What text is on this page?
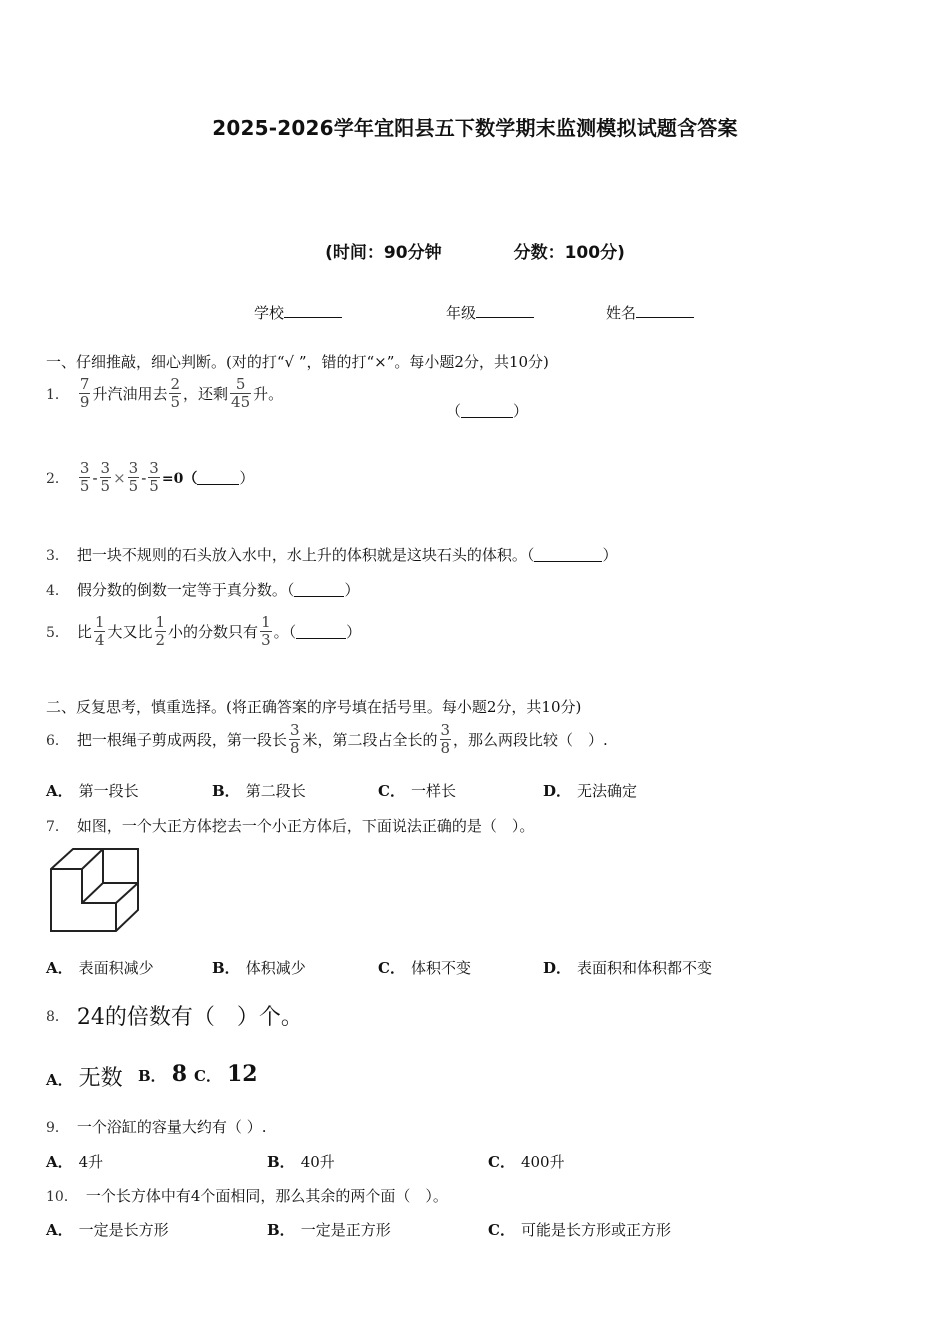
2025-2026学年宜阳县五下数学期末监测模拟试题含答案
(时间：90分钟	分数：100分)
学校	年级	姓名
一、仔细推敲，细心判断。(对的打“√ ”，错的打“×”。每小题2分，共10分)
1． $\frac{7}{9}$ 升汽油用去 $\frac{2}{5}$ ，还剩 $\frac{5}{45}$ 升。
（	）
2． $\frac{3}{5} - \frac{3}{5} \times \frac{3}{5} - \frac{3}{5} =0$（	）
3． 把一块不规则的石头放入水中，水上升的体积就是这块石头的体积。（	）
4． 假分数的倒数一定等于真分数。（	）
5． 比 $\frac{1}{4}$ 大又比 $\frac{1}{2}$ 小的分数只有 $\frac{1}{3}$ 。（	）
二、反复思考，慎重选择。(将正确答案的序号填在括号里。每小题2分，共10分)
6． 把一根绳子剪成两段，第一段长 $\frac{3}{8}$ 米，第二段占全长的 $\frac{3}{8}$ ，那么两段比较（　）.
A． 第一段长	B． 第二段长	C． 一样长	D． 无法确定
7． 如图，一个大正方体挖去一个小正方体后，下面说法正确的是（　）。
A． 表面积减少	B． 体积减少	C． 体积不变	D． 表面积和体积都不变
8． 24的倍数有（　）个。
A． 无数 B． 8 C． 12
9． 一个浴缸的容量大约有（ ）.
A． 4升	B． 40升	C． 400升
10． 一个长方体中有4个面相同，那么其余的两个面（　）。
A． 一定是长方形	B． 一定是正方形	C． 可能是长方形或正方形
